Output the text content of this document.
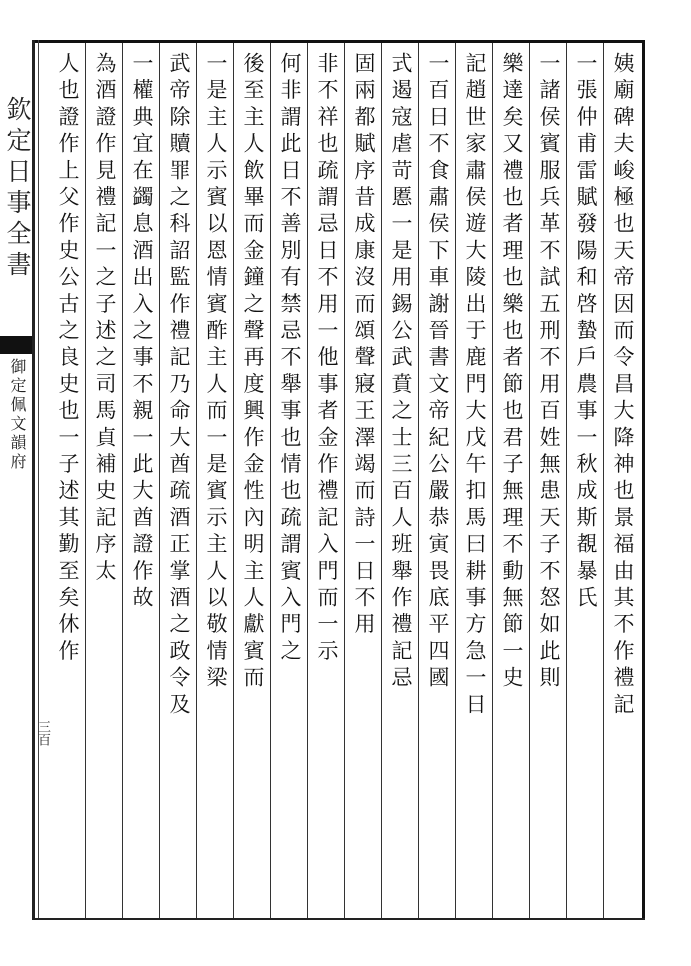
欽定日事全書
御定佩文韻府
三百
姨廟碑夫峻極也天帝因而令昌大降神也景福由其不作禮記
一張仲甫雷賦發陽和啓蟄戶農事一秋成斯覩暴氏
一諸侯賓服兵革不試五刑不用百姓無患天子不怒如此則
樂達矣又禮也者理也樂也者節也君子無理不動無節一史
記趙世家肅侯遊大陵出于鹿門大戊午扣馬曰耕事方急一日
一百日不食肅侯下車謝晉書文帝紀公嚴恭寅畏底平四國
式遏寇虐苛慝一是用錫公武賁之士三百人班舉作禮記忌
固兩都賦序昔成康沒而頌聲寢王澤竭而詩一日不用
非不祥也疏謂忌日不用一他事者金作禮記入門而一示
何非謂此日不善別有禁忌不舉事也情也疏謂賓入門之
後至主人飲畢而金鐘之聲再度興作金性內明主人獻賓而
一是主人示賓以恩情賓酢主人而一是賓示主人以敬情梁
武帝除贖罪之科詔監作禮記乃命大酋疏酒正掌酒之政令及
一權典宜在蠲息酒出入之事不親一此大酋證作故
為酒證作見禮記一之子述之司馬貞補史記序太
人也證作上父作史公古之良史也一子述其勤至矣休作
